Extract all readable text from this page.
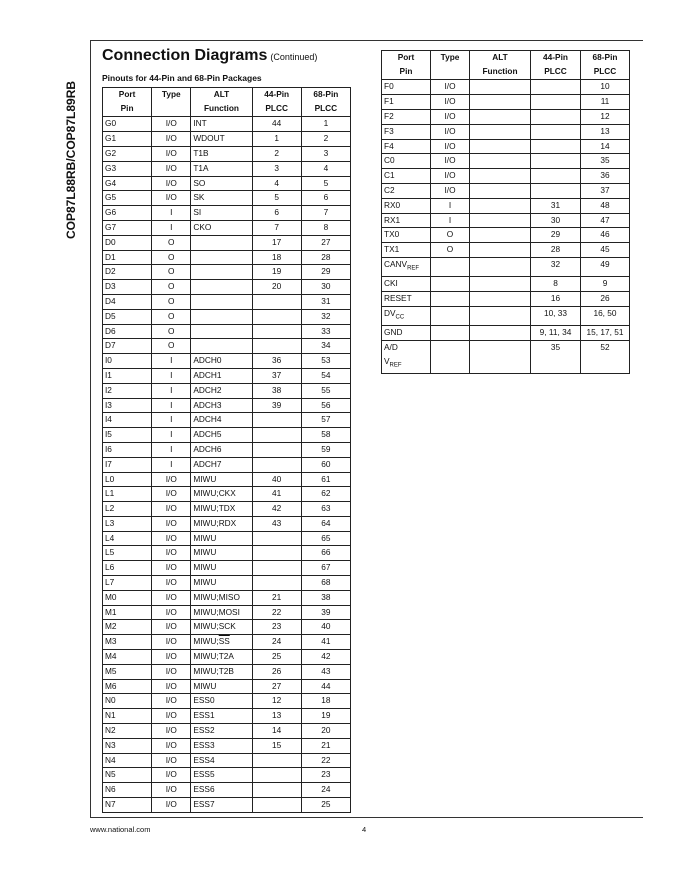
COP87L88RB/COP87L89RB
Connection Diagrams (Continued)
Pinouts for 44-Pin and 68-Pin Packages
Port	Type	ALT	44-Pin	68-Pin
Pin		Function	PLCC	PLCC
G0	I/O	INT	44	1
G1	I/O	WDOUT	1	2
G2	I/O	T1B	2	3
G3	I/O	T1A	3	4
G4	I/O	SO	4	5
G5	I/O	SK	5	6
G6	I	SI	6	7
G7	I	CKO	7	8
D0	O		17	27
D1	O		18	28
D2	O		19	29
D3	O		20	30
D4	O			31
D5	O			32
D6	O			33
D7	O			34
I0	I	ADCH0	36	53
I1	I	ADCH1	37	54
I2	I	ADCH2	38	55
I3	I	ADCH3	39	56
I4	I	ADCH4		57
I5	I	ADCH5		58
I6	I	ADCH6		59
I7	I	ADCH7		60
L0	I/O	MIWU	40	61
L1	I/O	MIWU;CKX	41	62
L2	I/O	MIWU;TDX	42	63
L3	I/O	MIWU;RDX	43	64
L4	I/O	MIWU		65
L5	I/O	MIWU		66
L6	I/O	MIWU		67
L7	I/O	MIWU		68
M0	I/O	MIWU;MISO	21	38
M1	I/O	MIWU;MOSI	22	39
M2	I/O	MIWU;SCK	23	40
M3	I/O	$MIWU;\overline{SS}$	24	41
M4	I/O	MIWU;T2A	25	42
M5	I/O	MIWU;T2B	26	43
M6	I/O	MIWU	27	44
N0	I/O	ESS0	12	18
N1	I/O	ESS1	13	19
N2	I/O	ESS2	14	20
N3	I/O	ESS3	15	21
N4	I/O	ESS4		22
N5	I/O	ESS5		23
N6	I/O	ESS6		24
N7	I/O	ESS7		25
Port	Type	ALT	44-Pin	68-Pin
Pin		Function	PLCC	PLCC
F0	I/O			10
F1	I/O			11
F2	I/O			12
F3	I/O			13
F4	I/O			14
C0	I/O			35
C1	I/O			36
C2	I/O			37
RX0	I		31	48
RX1	I		30	47
TX0	O		29	46
TX1	O		28	45
$CANV_{REF}$			32	49
CKI			8	9
RESET			16	26
$DV_{CC}$			10, 33	16, 50
GND			9, 11, 34	15, 17, 51
A/D
$V_{REF}$			35	52
www.national.com	4
